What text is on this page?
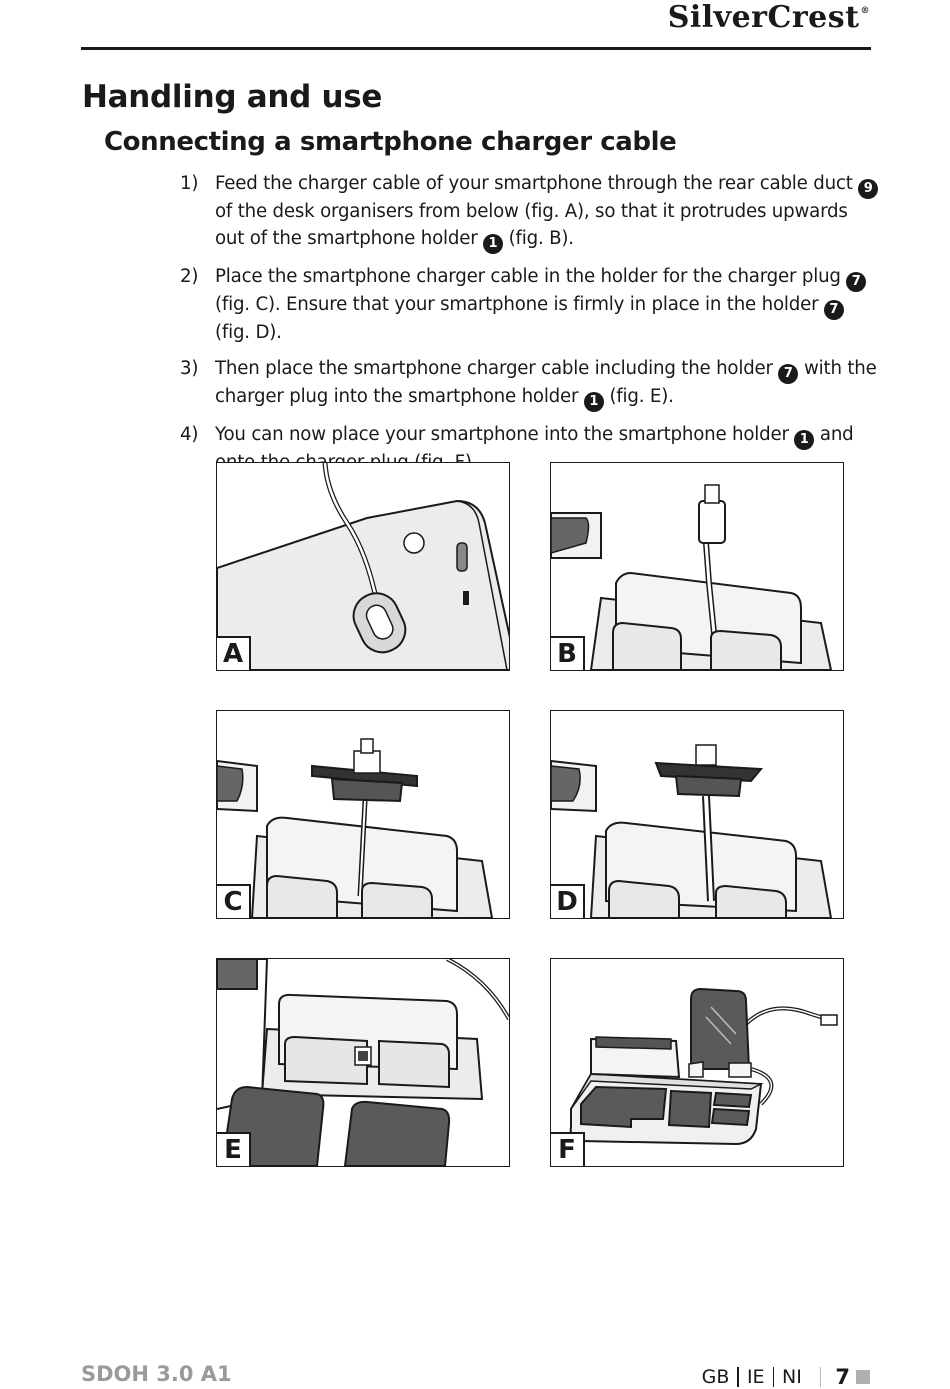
SilverCrest®
Handling and use
Connecting a smartphone charger cable
1) Feed the charger cable of your smartphone through the rear cable duct 9 of the desk organisers from below (fig. A), so that it protrudes upwards out of the smartphone holder 1 (fig. B).
2) Place the smartphone charger cable in the holder for the charger plug 7 (fig. C). Ensure that your smartphone is firmly in place in the holder 7 (fig. D).
3) Then place the smartphone charger cable including the holder 7 with the charger plug into the smartphone holder 1 (fig. E).
4) You can now place your smartphone into the smartphone holder 1 and
A	B
C	D
E	F
SDOH 3.0 A1	GB IE NI 7
